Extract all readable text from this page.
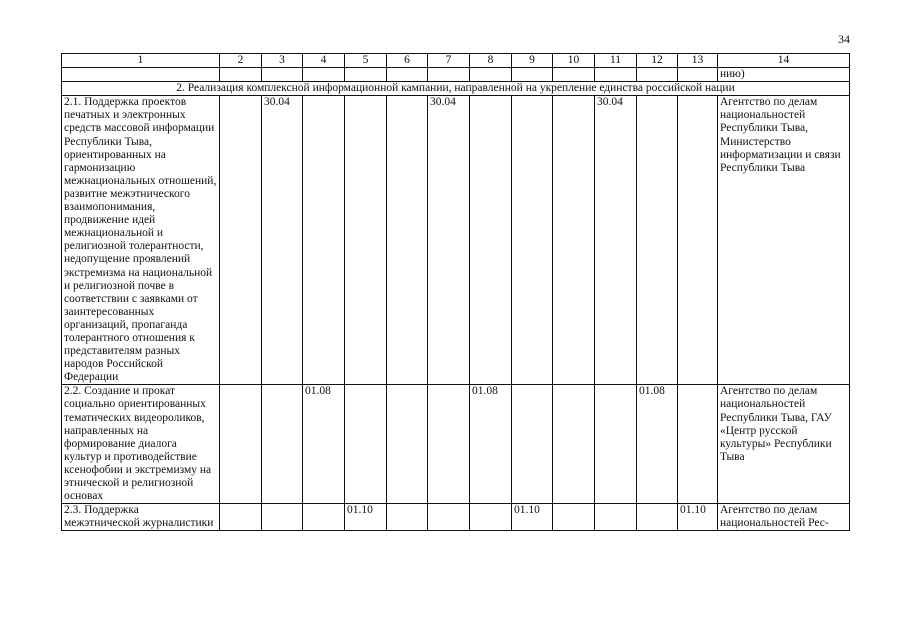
34
1	2	3	4	5	6	7	8	9	10	11	12	13	14
													нию)
2. Реализация комплексной информационной кампании, направленной на укрепление единства российской нации													
2.1. Поддержка проектов печатных и электронных средств массовой информации Республики Тыва, ориентированных на гармонизацию межнациональных отношений, развитие межэтнического взаимопонимания, продвижение идей межнациональной и религиозной толерантности, недопущение проявлений экстремизма на национальной и религиозной почве в соответствии с заявками от заинтересованных организаций, пропаганда толерантного отношения к представителям разных народов Российской Федерации		30.04				30.04				30.04			Агентство по делам национальностей Республики Тыва, Министерство информатизации и связи Республики Тыва
2.2. Создание и прокат социально ориентированных тематических видеороликов, направленных на формирование диалога культур и противодействие ксенофобии и экстремизму на этнической и религиозной основах			01.08				01.08				01.08		Агентство по делам национальностей Республики Тыва, ГАУ «Центр русской культуры» Республики Тыва
2.3. Поддержка межэтнической журналистики				01.10				01.10				01.10	Агентство по делам национальностей Рес-
